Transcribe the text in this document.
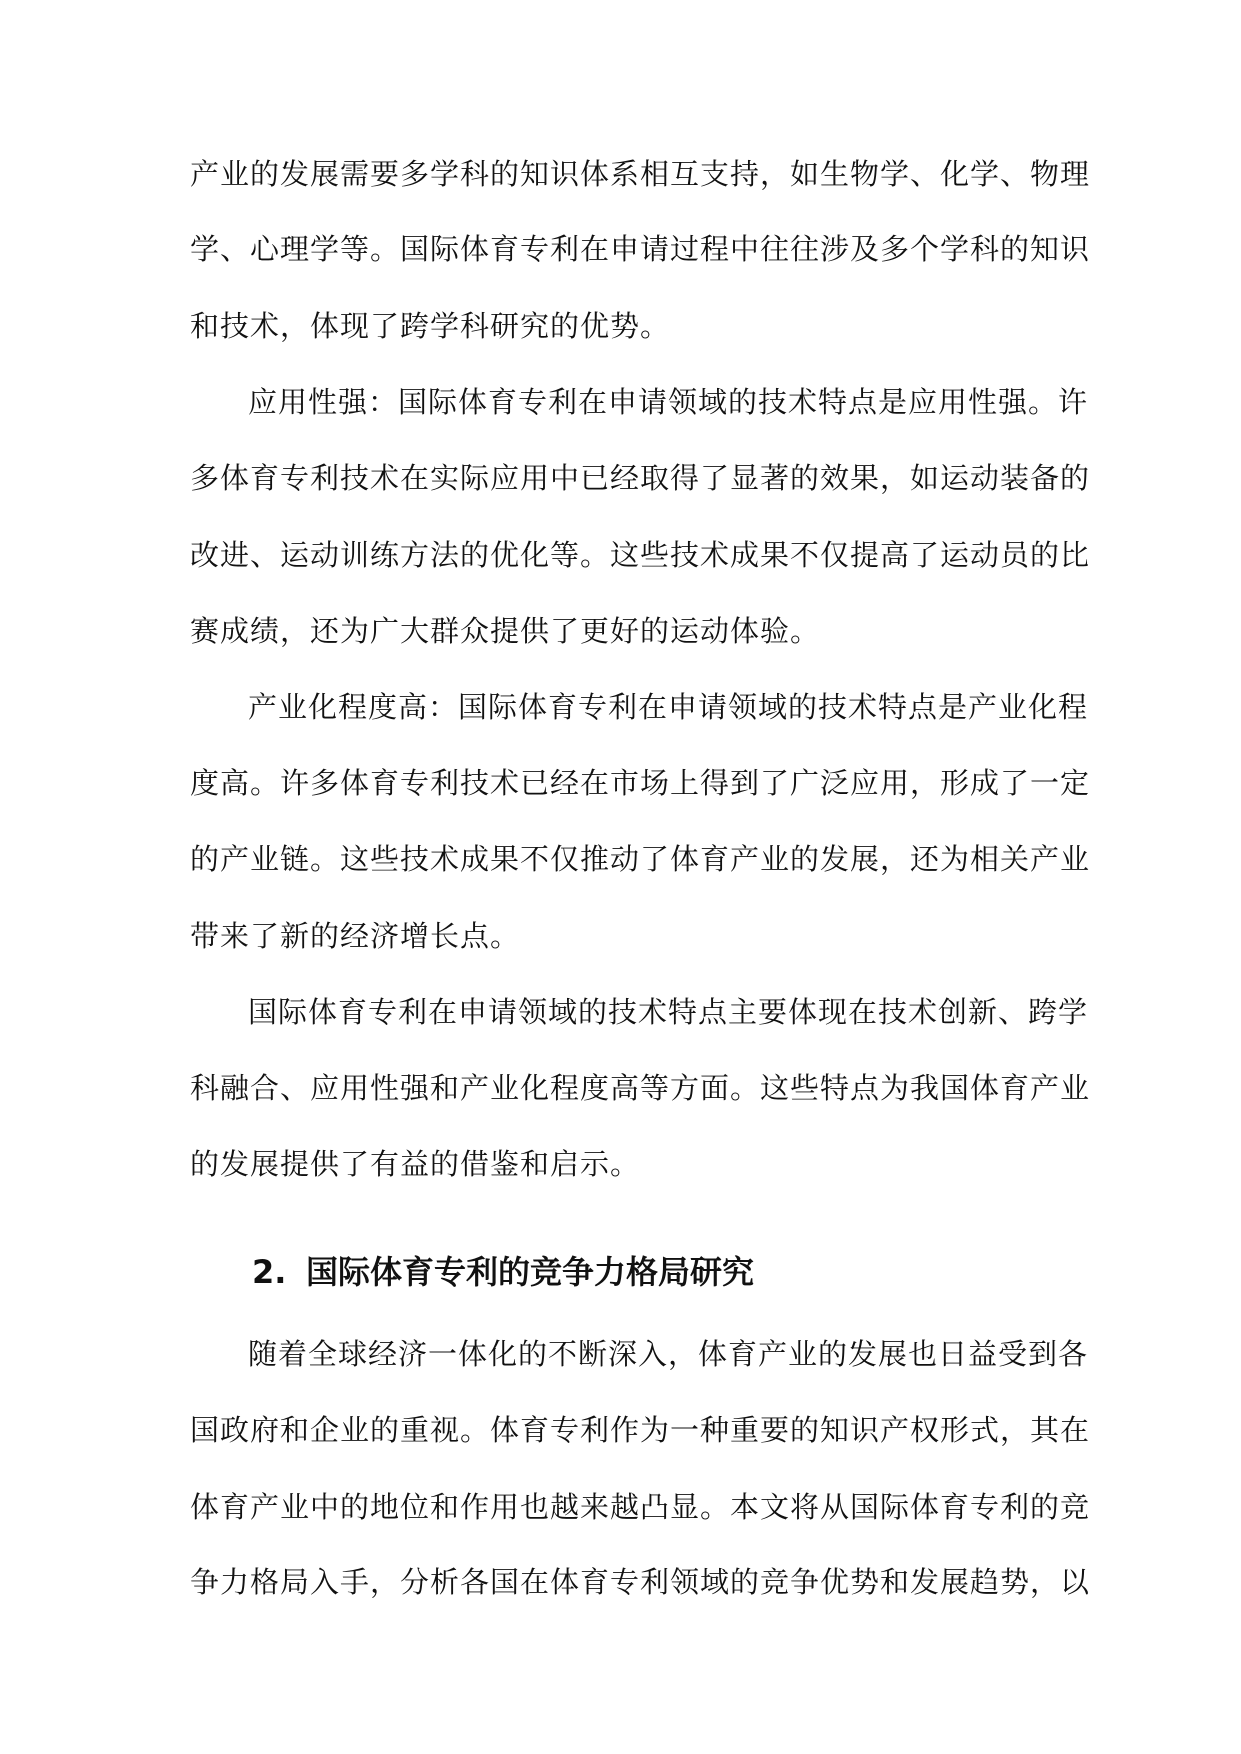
产业的发展需要多学科的知识体系相互支持，如生物学、化学、物理
学、心理学等。国际体育专利在申请过程中往往涉及多个学科的知识
和技术，体现了跨学科研究的优势。
应用性强：国际体育专利在申请领域的技术特点是应用性强。许
多体育专利技术在实际应用中已经取得了显著的效果，如运动装备的
改进、运动训练方法的优化等。这些技术成果不仅提高了运动员的比
赛成绩，还为广大群众提供了更好的运动体验。
产业化程度高：国际体育专利在申请领域的技术特点是产业化程
度高。许多体育专利技术已经在市场上得到了广泛应用，形成了一定
的产业链。这些技术成果不仅推动了体育产业的发展，还为相关产业
带来了新的经济增长点。
国际体育专利在申请领域的技术特点主要体现在技术创新、跨学
科融合、应用性强和产业化程度高等方面。这些特点为我国体育产业
的发展提供了有益的借鉴和启示。
2. 国际体育专利的竞争力格局研究
随着全球经济一体化的不断深入，体育产业的发展也日益受到各
国政府和企业的重视。体育专利作为一种重要的知识产权形式，其在
体育产业中的地位和作用也越来越凸显。本文将从国际体育专利的竞
争力格局入手，分析各国在体育专利领域的竞争优势和发展趋势，以
